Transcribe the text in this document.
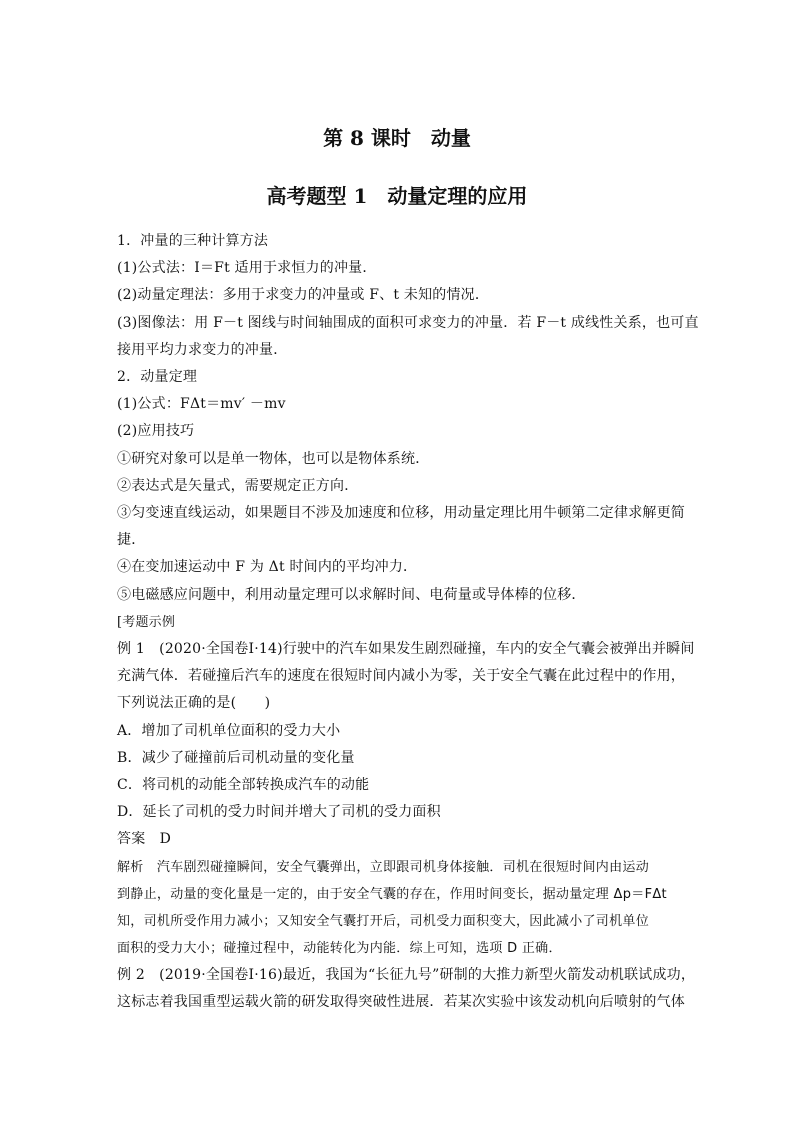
第 8 课时　动量
高考题型 1　动量定理的应用
1．冲量的三种计算方法
(1)公式法：I＝Ft 适用于求恒力的冲量．
(2)动量定理法：多用于求变力的冲量或 F、t 未知的情况．
(3)图像法：用 F－t 图线与时间轴围成的面积可求变力的冲量．若 F－t 成线性关系，也可直
接用平均力求变力的冲量．
2．动量定理
(1)公式：FΔt＝mv′ －mv
(2)应用技巧
①研究对象可以是单一物体，也可以是物体系统．
②表达式是矢量式，需要规定正方向．
③匀变速直线运动，如果题目不涉及加速度和位移，用动量定理比用牛顿第二定律求解更简
捷．
④在变加速运动中 F 为 Δt 时间内的平均冲力．
⑤电磁感应问题中，利用动量定理可以求解时间、电荷量或导体棒的位移．
[考题示例
例 1　(2020·全国卷Ⅰ·14)行驶中的汽车如果发生剧烈碰撞，车内的安全气囊会被弹出并瞬间
充满气体．若碰撞后汽车的速度在很短时间内减小为零，关于安全气囊在此过程中的作用，
下列说法正确的是(　　)
A．增加了司机单位面积的受力大小
B．减少了碰撞前后司机动量的变化量
C．将司机的动能全部转换成汽车的动能
D．延长了司机的受力时间并增大了司机的受力面积
答案　D
解析　汽车剧烈碰撞瞬间，安全气囊弹出，立即跟司机身体接触．司机在很短时间内由运动
到静止，动量的变化量是一定的，由于安全气囊的存在，作用时间变长，据动量定理 Δp＝FΔt
知，司机所受作用力减小；又知安全气囊打开后，司机受力面积变大，因此减小了司机单位
面积的受力大小；碰撞过程中，动能转化为内能．综上可知，选项 D 正确．
例 2　(2019·全国卷Ⅰ·16)最近，我国为“长征九号”研制的大推力新型火箭发动机联试成功，
这标志着我国重型运载火箭的研发取得突破性进展．若某次实验中该发动机向后喷射的气体
